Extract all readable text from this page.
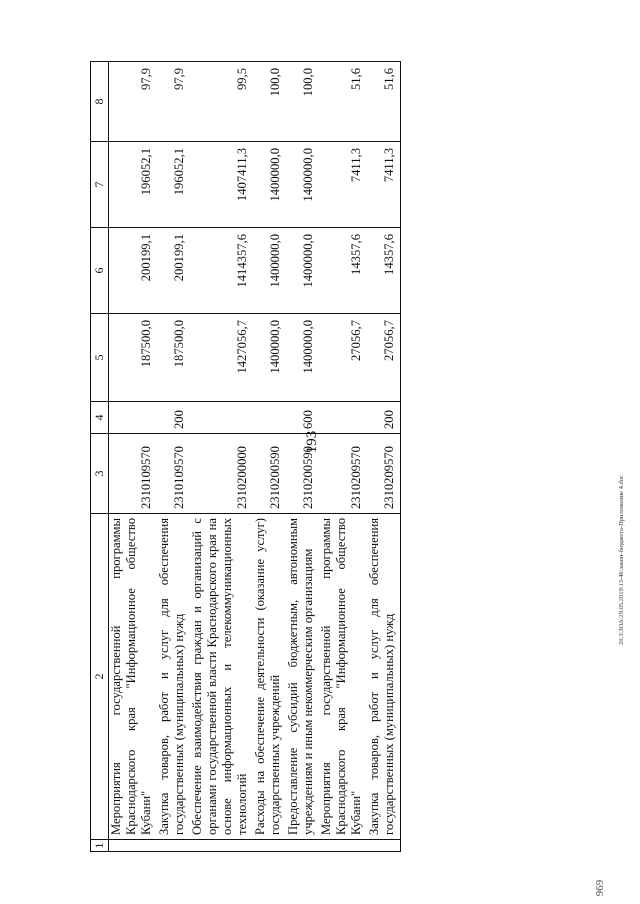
193
20.3\ЗОА\29.05.2019\13-46\закон-бюджета-Приложение 4.doc
969
1	2	3	4	5	6	7	8
	Мероприятия государственной программы Краснодарского края "Информационное общество Кубани"	2310109570		187500,0	200199,1	196052,1	97,9
	Закупка товаров, работ и услуг для обеспечения государственных (муниципальных) нужд	2310109570	200	187500,0	200199,1	196052,1	97,9
	Обеспечение взаимодействия граждан и организаций с органами государственной власти Краснодарского края на основе информационных и телекоммуникационных технологий	2310200000		1427056,7	1414357,6	1407411,3	99,5
	Расходы на обеспечение деятельности (оказание услуг) государственных учреждений	2310200590		1400000,0	1400000,0	1400000,0	100,0
	Предоставление субсидий бюджетным, автономным учреждениям и иным некоммерческим организациям	2310200590	600	1400000,0	1400000,0	1400000,0	100,0
	Мероприятия государственной программы Краснодарского края "Информационное общество Кубани"	2310209570		27056,7	14357,6	7411,3	51,6
	Закупка товаров, работ и услуг для обеспечения государственных (муниципальных) нужд	2310209570	200	27056,7	14357,6	7411,3	51,6
